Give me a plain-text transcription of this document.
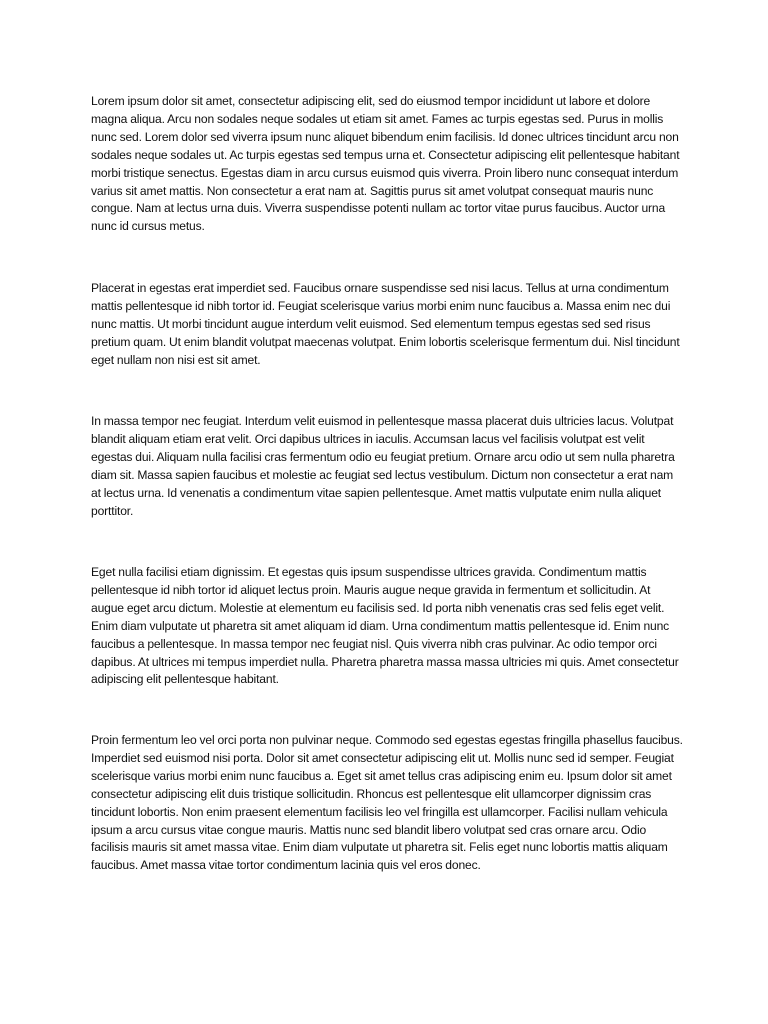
Lorem ipsum dolor sit amet, consectetur adipiscing elit, sed do eiusmod tempor incididunt ut labore et dolore magna aliqua. Arcu non sodales neque sodales ut etiam sit amet. Fames ac turpis egestas sed. Purus in mollis nunc sed. Lorem dolor sed viverra ipsum nunc aliquet bibendum enim facilisis. Id donec ultrices tincidunt arcu non sodales neque sodales ut. Ac turpis egestas sed tempus urna et. Consectetur adipiscing elit pellentesque habitant morbi tristique senectus. Egestas diam in arcu cursus euismod quis viverra. Proin libero nunc consequat interdum varius sit amet mattis. Non consectetur a erat nam at. Sagittis purus sit amet volutpat consequat mauris nunc congue. Nam at lectus urna duis. Viverra suspendisse potenti nullam ac tortor vitae purus faucibus. Auctor urna nunc id cursus metus.

Placerat in egestas erat imperdiet sed. Faucibus ornare suspendisse sed nisi lacus. Tellus at urna condimentum mattis pellentesque id nibh tortor id. Feugiat scelerisque varius morbi enim nunc faucibus a. Massa enim nec dui nunc mattis. Ut morbi tincidunt augue interdum velit euismod. Sed elementum tempus egestas sed sed risus pretium quam. Ut enim blandit volutpat maecenas volutpat. Enim lobortis scelerisque fermentum dui. Nisl tincidunt eget nullam non nisi est sit amet.

In massa tempor nec feugiat. Interdum velit euismod in pellentesque massa placerat duis ultricies lacus. Volutpat blandit aliquam etiam erat velit. Orci dapibus ultrices in iaculis. Accumsan lacus vel facilisis volutpat est velit egestas dui. Aliquam nulla facilisi cras fermentum odio eu feugiat pretium. Ornare arcu odio ut sem nulla pharetra diam sit. Massa sapien faucibus et molestie ac feugiat sed lectus vestibulum. Dictum non consectetur a erat nam at lectus urna. Id venenatis a condimentum vitae sapien pellentesque. Amet mattis vulputate enim nulla aliquet porttitor.

Eget nulla facilisi etiam dignissim. Et egestas quis ipsum suspendisse ultrices gravida. Condimentum mattis pellentesque id nibh tortor id aliquet lectus proin. Mauris augue neque gravida in fermentum et sollicitudin. At augue eget arcu dictum. Molestie at elementum eu facilisis sed. Id porta nibh venenatis cras sed felis eget velit. Enim diam vulputate ut pharetra sit amet aliquam id diam. Urna condimentum mattis pellentesque id. Enim nunc faucibus a pellentesque. In massa tempor nec feugiat nisl. Quis viverra nibh cras pulvinar. Ac odio tempor orci dapibus. At ultrices mi tempus imperdiet nulla. Pharetra pharetra massa massa ultricies mi quis. Amet consectetur adipiscing elit pellentesque habitant.

Proin fermentum leo vel orci porta non pulvinar neque. Commodo sed egestas egestas fringilla phasellus faucibus. Imperdiet sed euismod nisi porta. Dolor sit amet consectetur adipiscing elit ut. Mollis nunc sed id semper. Feugiat scelerisque varius morbi enim nunc faucibus a. Eget sit amet tellus cras adipiscing enim eu. Ipsum dolor sit amet consectetur adipiscing elit duis tristique sollicitudin. Rhoncus est pellentesque elit ullamcorper dignissim cras tincidunt lobortis. Non enim praesent elementum facilisis leo vel fringilla est ullamcorper. Facilisi nullam vehicula ipsum a arcu cursus vitae congue mauris. Mattis nunc sed blandit libero volutpat sed cras ornare arcu. Odio facilisis mauris sit amet massa vitae. Enim diam vulputate ut pharetra sit. Felis eget nunc lobortis mattis aliquam faucibus. Amet massa vitae tortor condimentum lacinia quis vel eros donec.
